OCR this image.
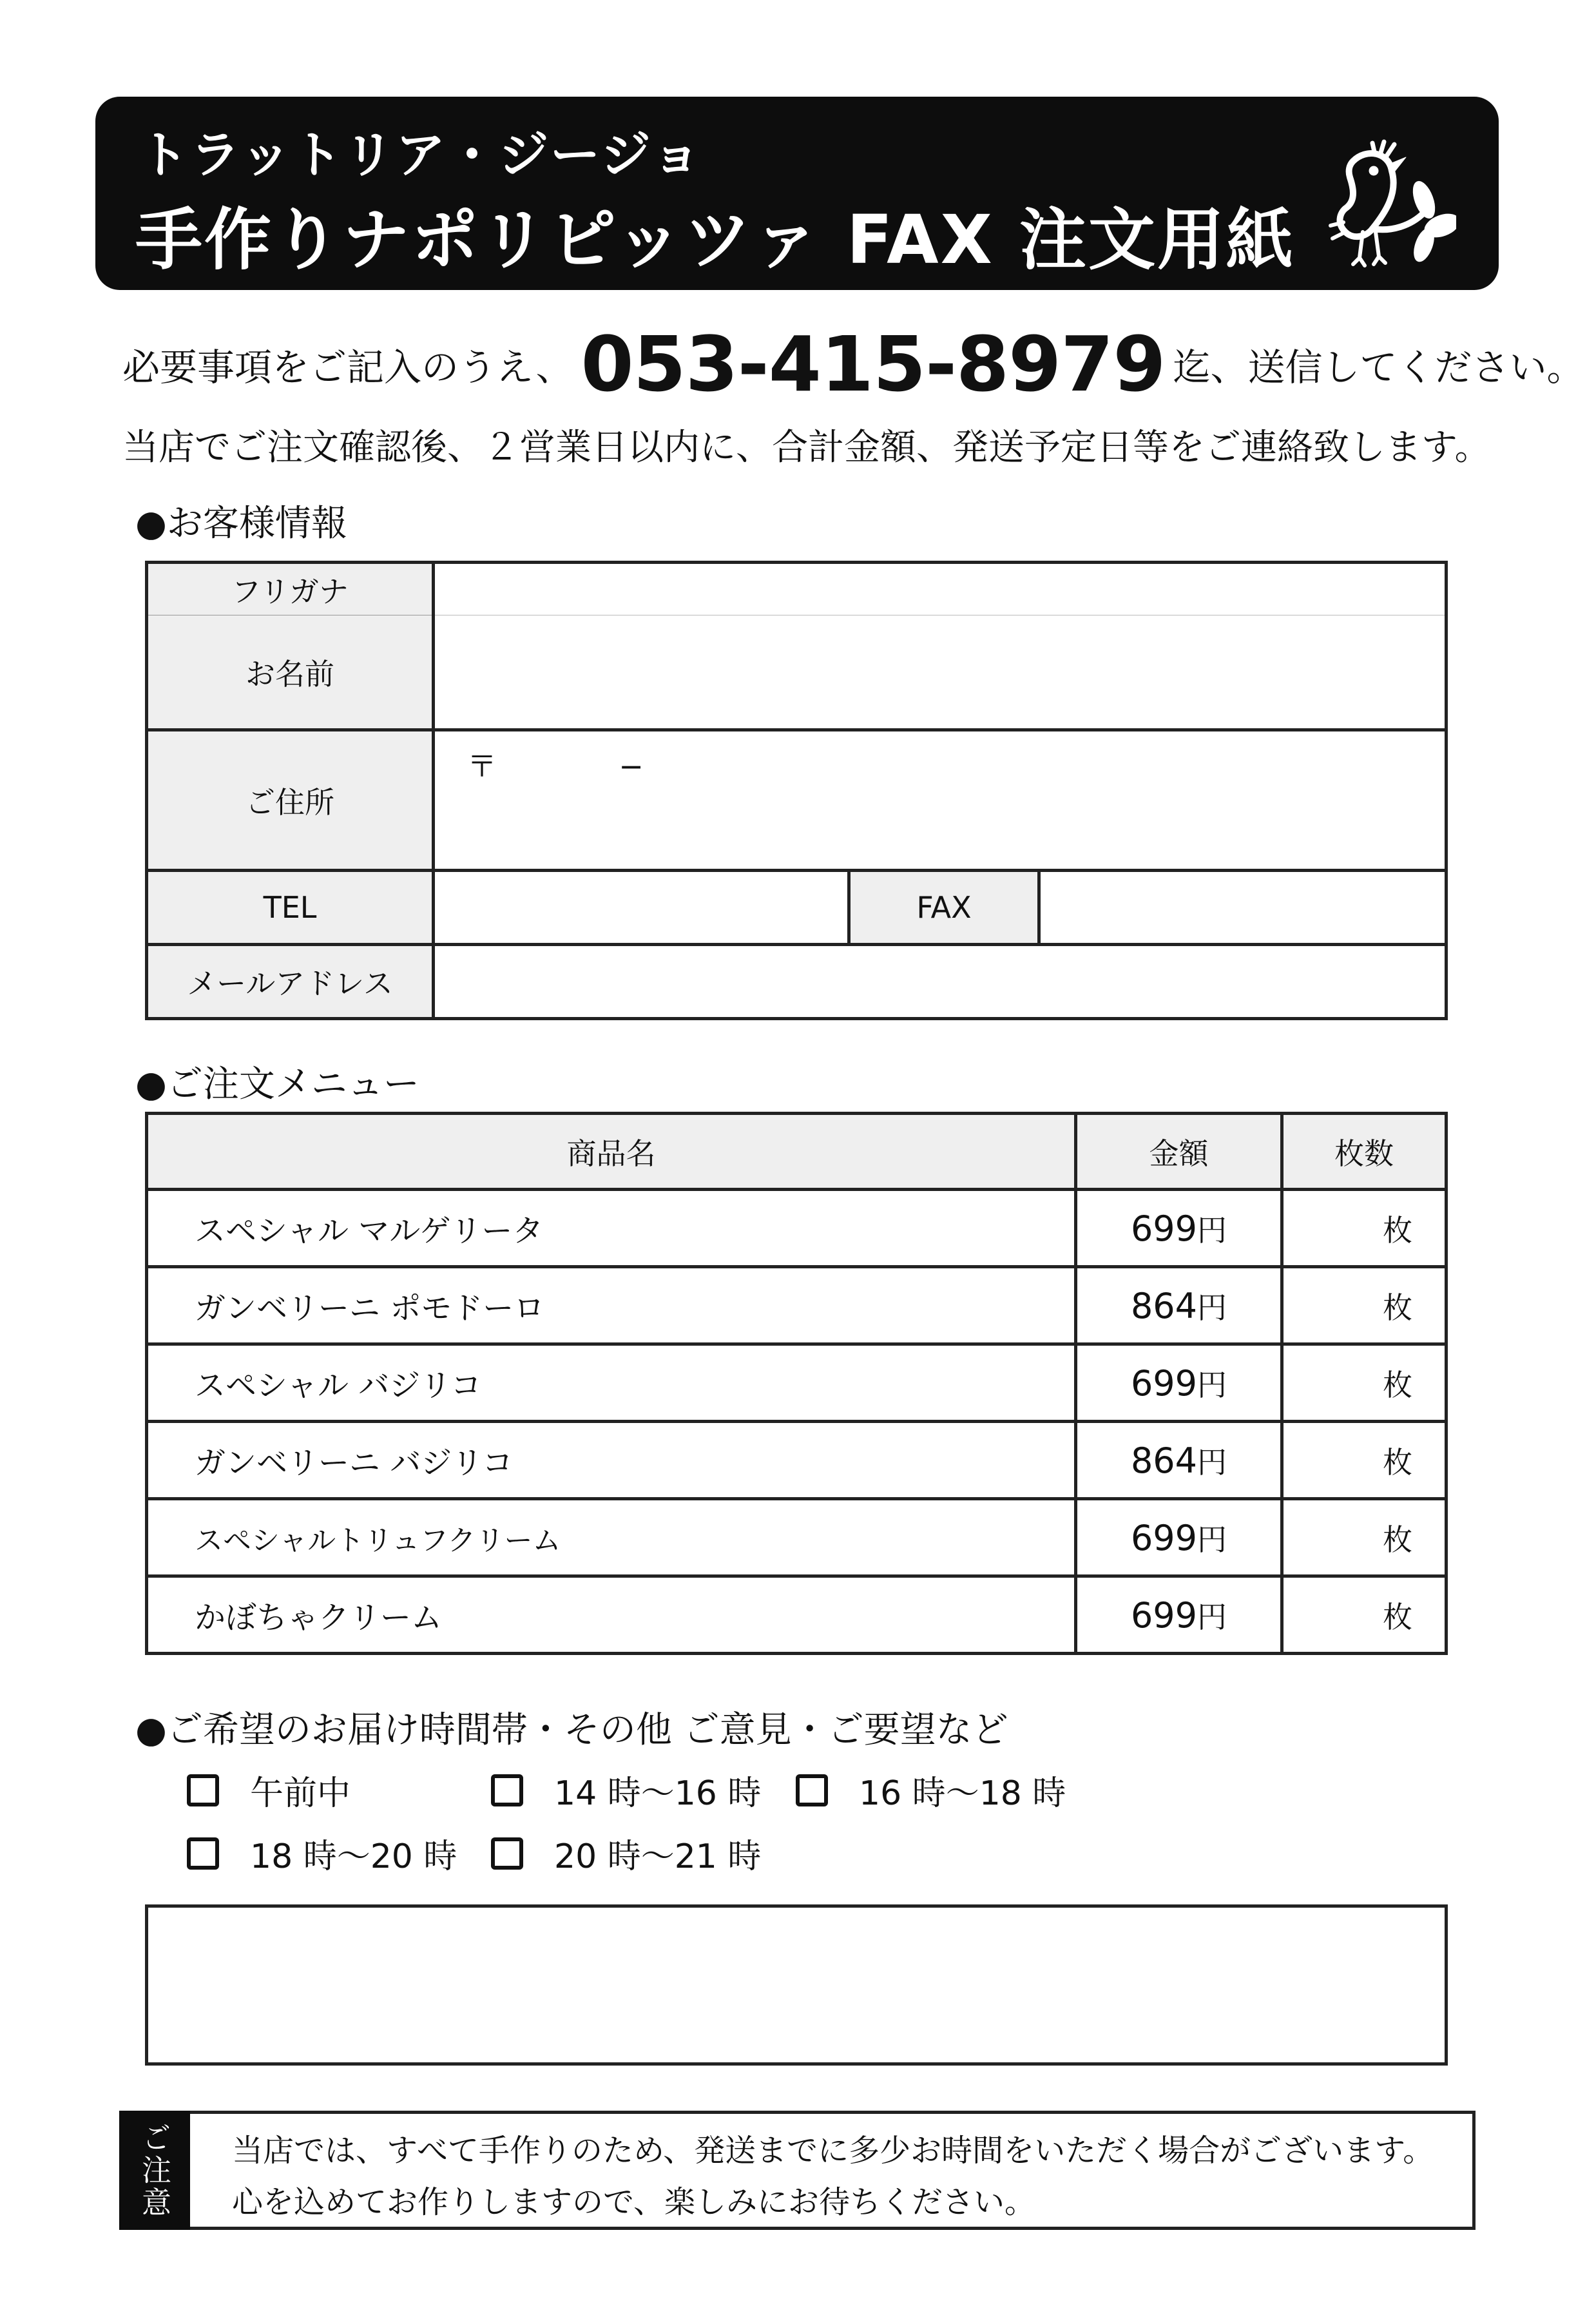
トラットリア・ジージョ
手作りナポリピッツァ FAX 注文用紙
必要事項をご記入のうえ、 053-415-8979 迄、送信してください。
当店でご注文確認後、２営業日以内に、合計金額、発送予定日等をご連絡致します。
●お客様情報
フリガナ			
お名前			
ご住所	〒 −		
TEL		FAX	
メールアドレス			
●ご注文メニュー
商品名	金額	枚数
スペシャル マルゲリータ	699円	枚
ガンベリーニ ポモドーロ	864円	枚
スペシャル バジリコ	699円	枚
ガンベリーニ バジリコ	864円	枚
スペシャルトリュフクリーム	699円	枚
かぼちゃクリーム	699円	枚
●ご希望のお届け時間帯・その他 ご意見・ご要望など
午前中	14 時〜16 時	16 時〜18 時
18 時〜20 時	20 時〜21 時
ご注意	当店では、すべて手作りのため、発送までに多少お時間をいただく場合がございます。
心を込めてお作りしますので、楽しみにお待ちください。
